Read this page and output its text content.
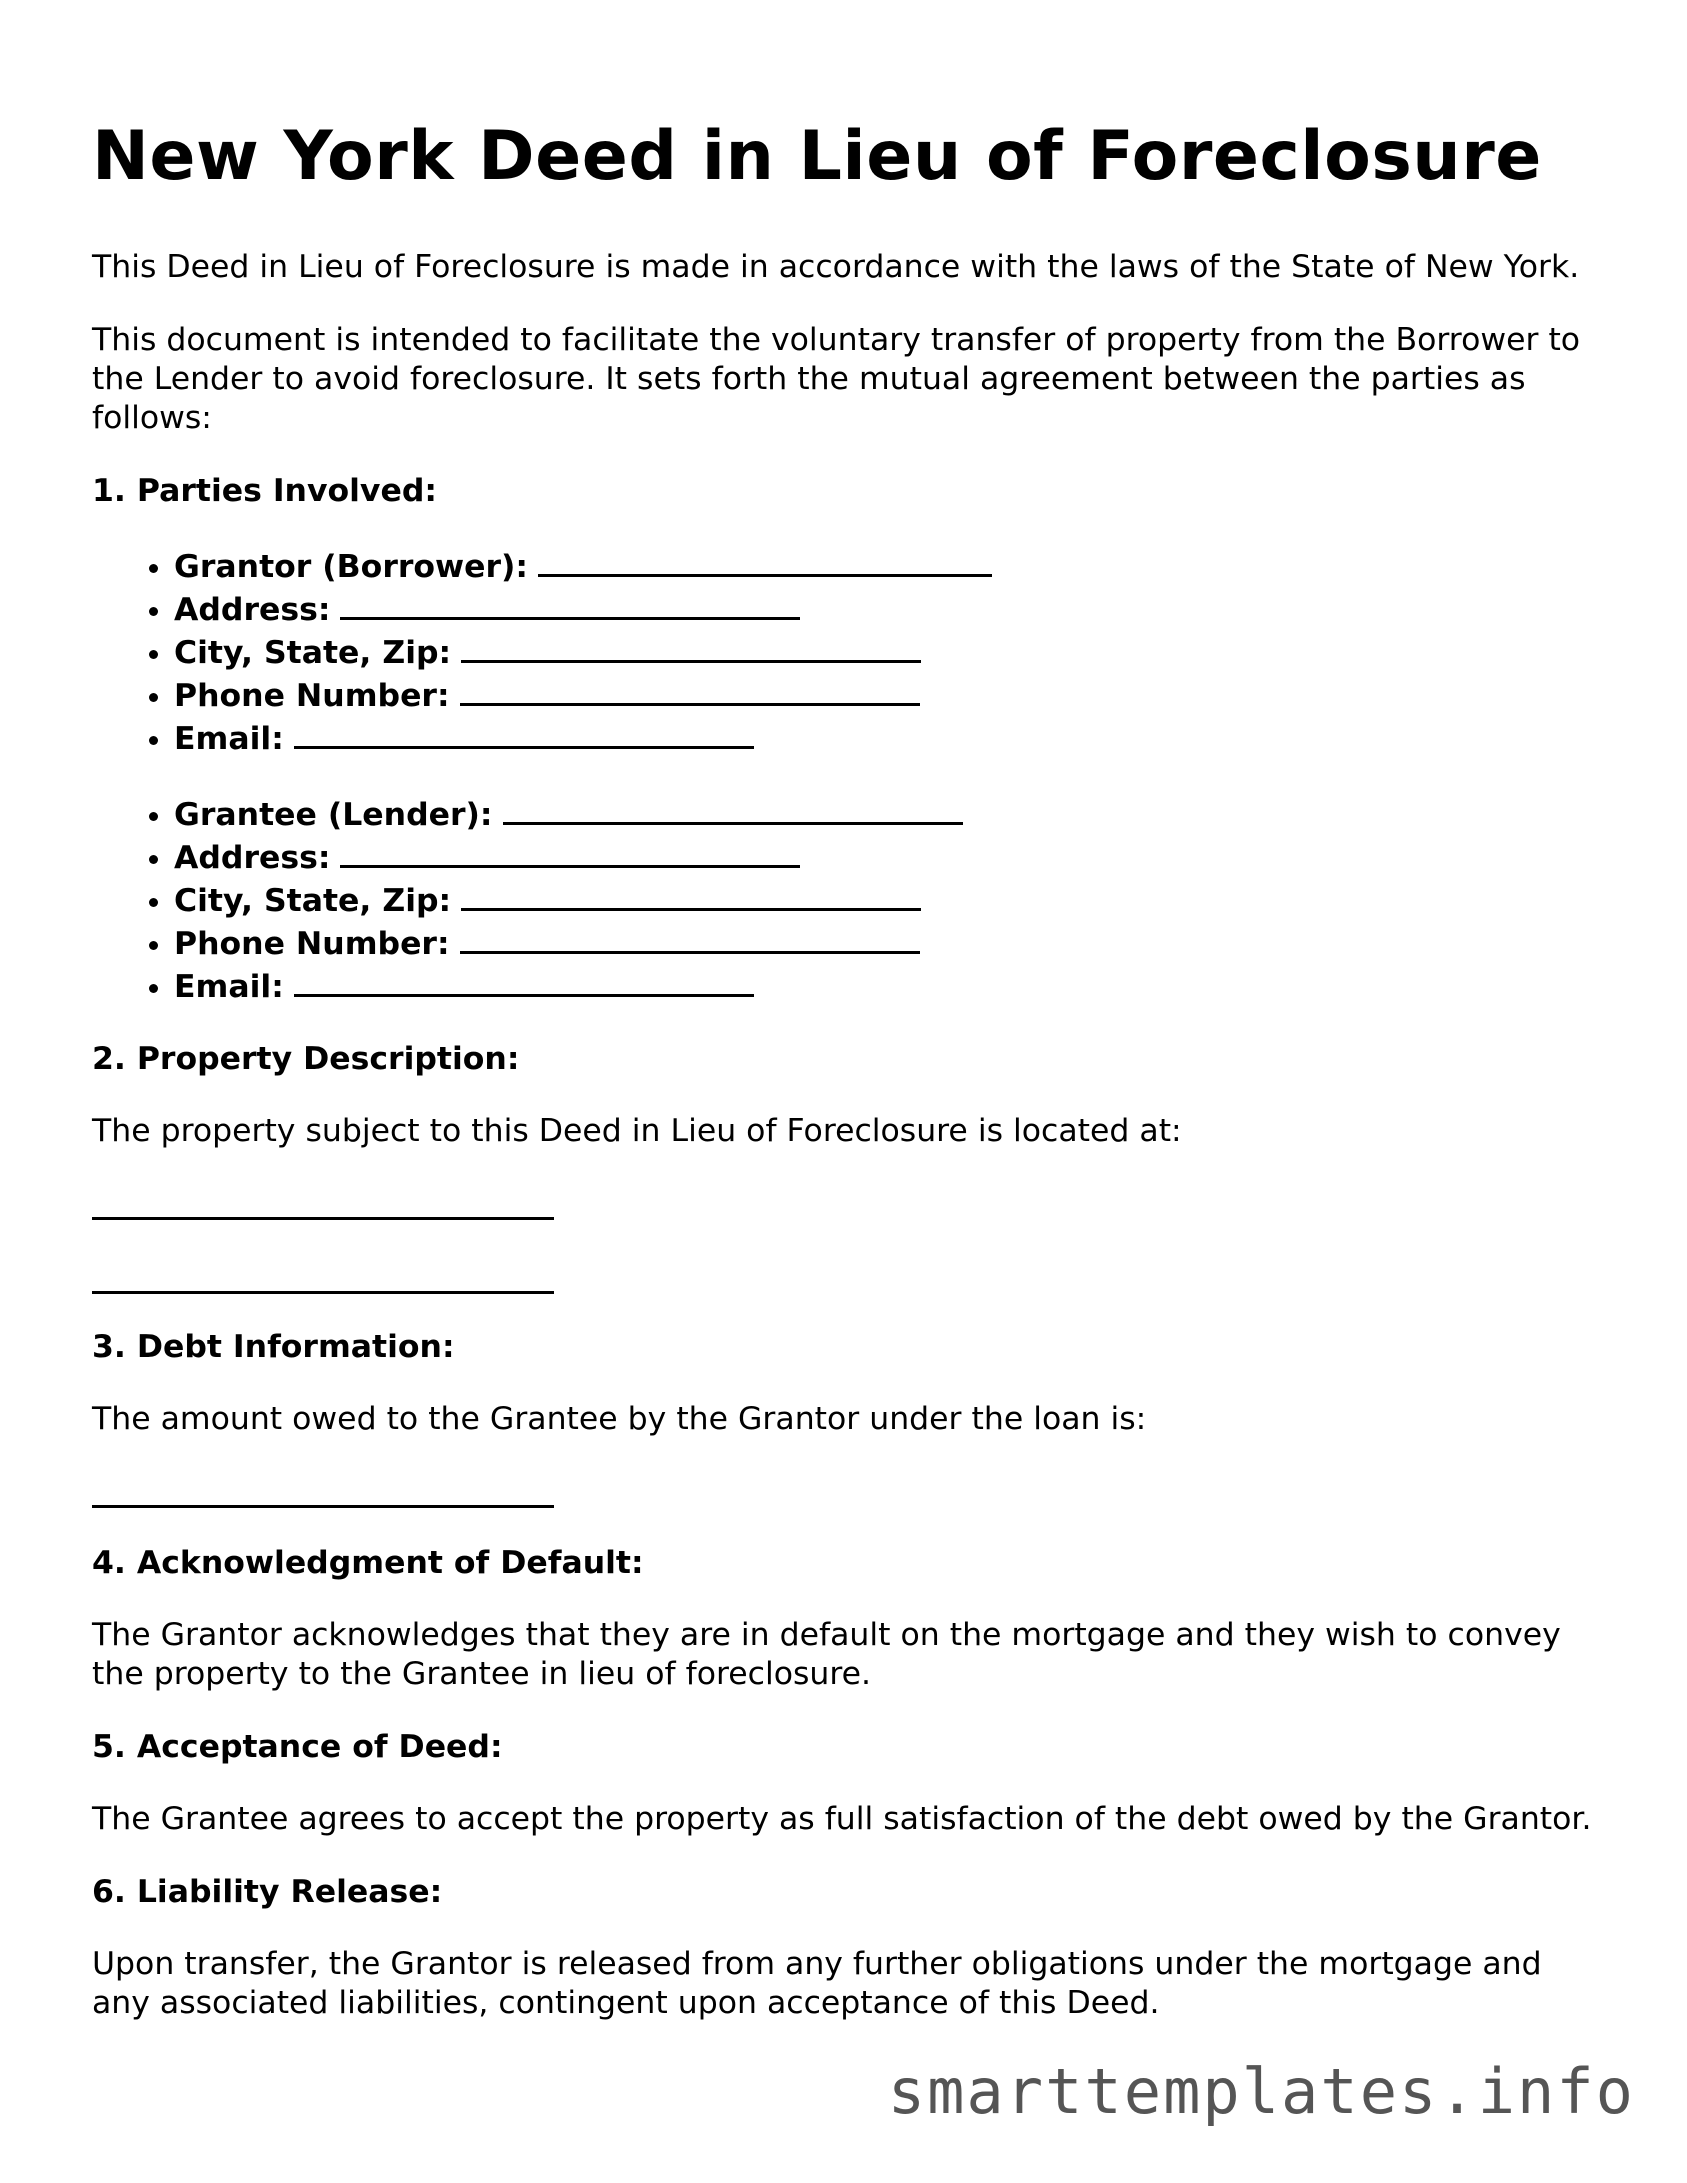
New York Deed in Lieu of Foreclosure

This Deed in Lieu of Foreclosure is made in accordance with the laws of the State of New York.

This document is intended to facilitate the voluntary transfer of property from the Borrower to the Lender to avoid foreclosure. It sets forth the mutual agreement between the parties as follows:

1. Parties Involved:
• Grantor (Borrower):
• Address:
• City, State, Zip:
• Phone Number:
• Email:
• Grantee (Lender):
• Address:
• City, State, Zip:
• Phone Number:
• Email:
2. Property Description:

The property subject to this Deed in Lieu of Foreclosure is located at:

3. Debt Information:

The amount owed to the Grantee by the Grantor under the loan is:

4. Acknowledgment of Default:

The Grantor acknowledges that they are in default on the mortgage and they wish to convey the property to the Grantee in lieu of foreclosure.

5. Acceptance of Deed:

The Grantee agrees to accept the property as full satisfaction of the debt owed by the Grantor.

6. Liability Release:

Upon transfer, the Grantor is released from any further obligations under the mortgage and any associated liabilities, contingent upon acceptance of this Deed.

smarttemplates.info
